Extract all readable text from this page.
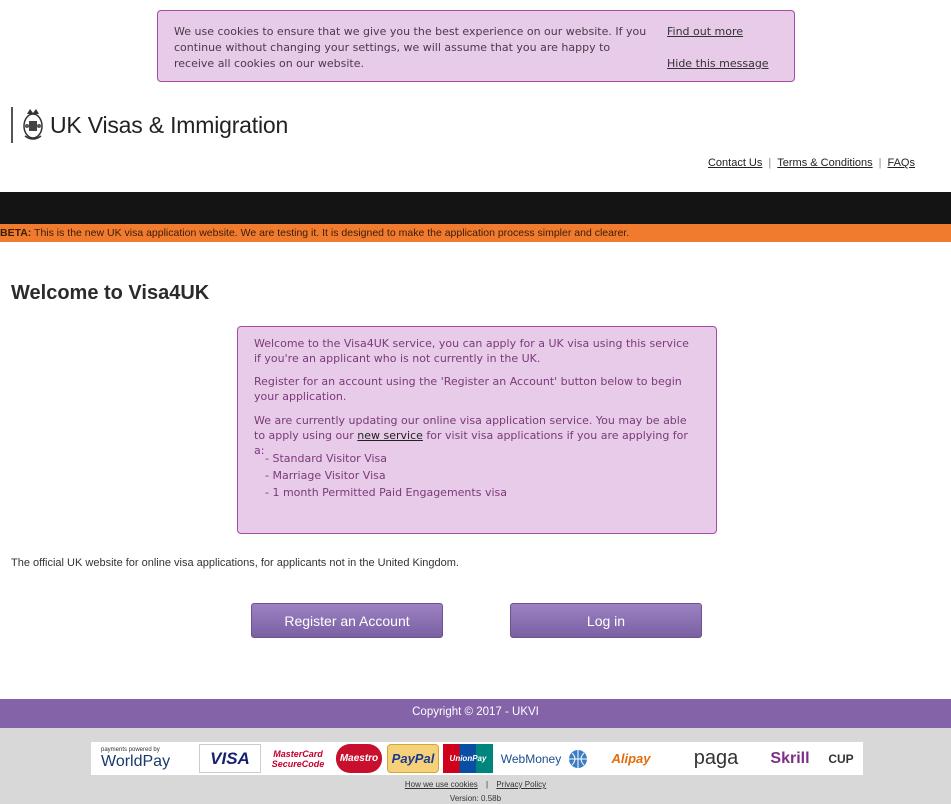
We use cookies to ensure that we give you the best experience on our website. If you continue without changing your settings, we will assume that you are happy to receive all cookies on our website.
Find out more
Hide this message
UK Visas & Immigration
Contact Us | Terms & Conditions | FAQs
BETA: This is the new UK visa application website. We are testing it. It is designed to make the application process simpler and clearer.
Welcome to Visa4UK

Welcome to the Visa4UK service, you can apply for a UK visa using this service if you're an applicant who is not currently in the UK.

Register for an account using the 'Register an Account' button below to begin your application.

We are currently updating our online visa application service. You may be able to apply using our new service for visit visa applications if you are applying for a:

- Standard Visitor Visa
- Marriage Visitor Visa
- 1 month Permitted Paid Engagements visa
The official UK website for online visa applications, for applicants not in the United Kingdom.
Register an Account	Log in
Copyright © 2017 - UKVI
payments powered by
WorldPay	VISA	MasterCard SecureCode	Maestro	PayPal	UnionPay	WebMoney	Alipay	paga	Skrill	CUP
How we use cookies | Privacy Policy
Version: 0.58b
